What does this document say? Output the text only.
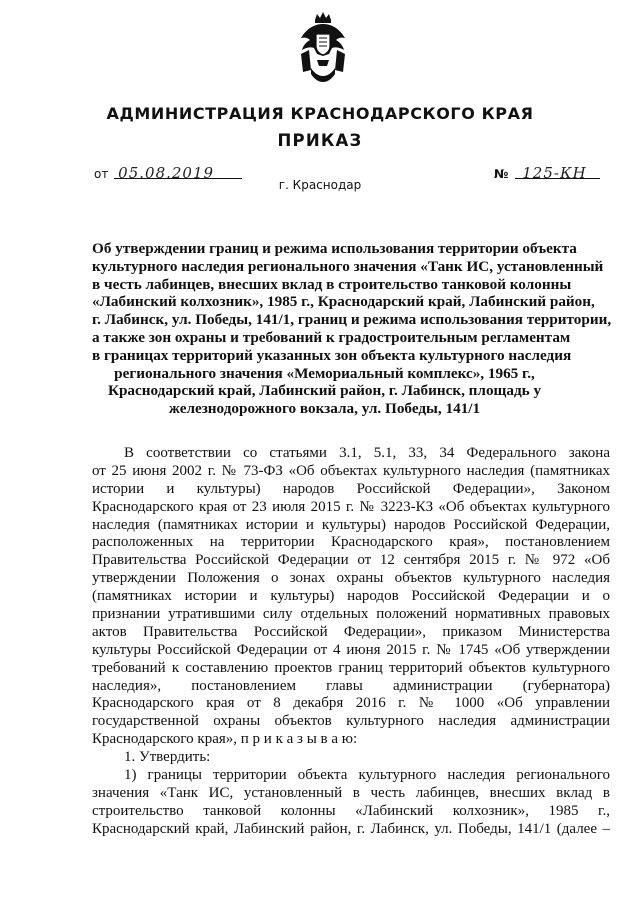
АДМИНИСТРАЦИЯ КРАСНОДАРСКОГО КРАЯ
ПРИКАЗ
от 05.08.2019	№ 125-КН
г. Краснодар
Об утверждении границ и режима использования территории объекта
культурного наследия регионального значения «Танк ИС, установленный
в честь лабинцев, внесших вклад в строительство танковой колонны
«Лабинский колхозник», 1985 г., Краснодарский край, Лабинский район,
г. Лабинск, ул. Победы, 141/1, границ и режима использования территории,
а также зон охраны и требований к градостроительным регламентам
в границах территорий указанных зон объекта культурного наследия
регионального значения «Мемориальный комплекс», 1965 г.,
Краснодарский край, Лабинский район, г. Лабинск, площадь у
железнодорожного вокзала, ул. Победы, 141/1
В соответствии со статьями 3.1, 5.1, 33, 34 Федерального закона
от 25 июня 2002 г. № 73-ФЗ «Об объектах культурного наследия (памятниках
истории и культуры) народов Российской Федерации», Законом
Краснодарского края от 23 июля 2015 г. № 3223-КЗ «Об объектах культурного
наследия (памятниках истории и культуры) народов Российской Федерации,
расположенных на территории Краснодарского края», постановлением
Правительства Российской Федерации от 12 сентября 2015 г. № 972 «Об
утверждении Положения о зонах охраны объектов культурного наследия
(памятниках истории и культуры) народов Российской Федерации и о
признании утратившими силу отдельных положений нормативных правовых
актов Правительства Российской Федерации», приказом Министерства
культуры Российской Федерации от 4 июня 2015 г. № 1745 «Об утверждении
требований к составлению проектов границ территорий объектов культурного
наследия», постановлением главы администрации (губернатора)
Краснодарского края от 8 декабря 2016 г. № 1000 «Об управлении
государственной охраны объектов культурного наследия администрации
Краснодарского края», п р и к а з ы в а ю:
1. Утвердить:
1) границы территории объекта культурного наследия регионального
значения «Танк ИС, установленный в честь лабинцев, внесших вклад в
строительство танковой колонны «Лабинский колхозник», 1985 г.,
Краснодарский край, Лабинский район, г. Лабинск, ул. Победы, 141/1 (далее –
